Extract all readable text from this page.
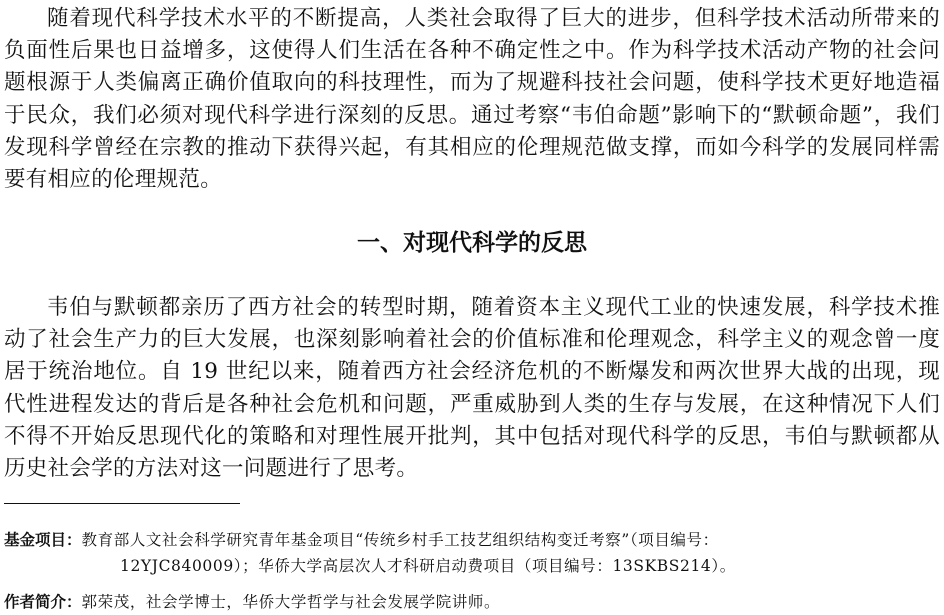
随着现代科学技术水平的不断提高，人类社会取得了巨大的进步，但科学技术活动所带来的负面性后果也日益增多，这使得人们生活在各种不确定性之中。作为科学技术活动产物的社会问题根源于人类偏离正确价值取向的科技理性，而为了规避科技社会问题，使科学技术更好地造福于民众，我们必须对现代科学进行深刻的反思。通过考察“韦伯命题”影响下的“默顿命题”，我们发现科学曾经在宗教的推动下获得兴起，有其相应的伦理规范做支撑，而如今科学的发展同样需要有相应的伦理规范。

一、对现代科学的反思

韦伯与默顿都亲历了西方社会的转型时期，随着资本主义现代工业的快速发展，科学技术推动了社会生产力的巨大发展，也深刻影响着社会的价值标准和伦理观念，科学主义的观念曾一度居于统治地位。自 19 世纪以来，随着西方社会经济危机的不断爆发和两次世界大战的出现，现代性进程发达的背后是各种社会危机和问题，严重威胁到人类的生存与发展，在这种情况下人们不得不开始反思现代化的策略和对理性展开批判，其中包括对现代科学的反思，韦伯与默顿都从历史社会学的方法对这一问题进行了思考。

基金项目：教育部人文社会科学研究青年基金项目“传统乡村手工技艺组织结构变迁考察”（项目编号：
12YJC840009）；华侨大学高层次人才科研启动费项目（项目编号：13SKBS214）。

作者简介：郭荣茂，社会学博士，华侨大学哲学与社会发展学院讲师。
